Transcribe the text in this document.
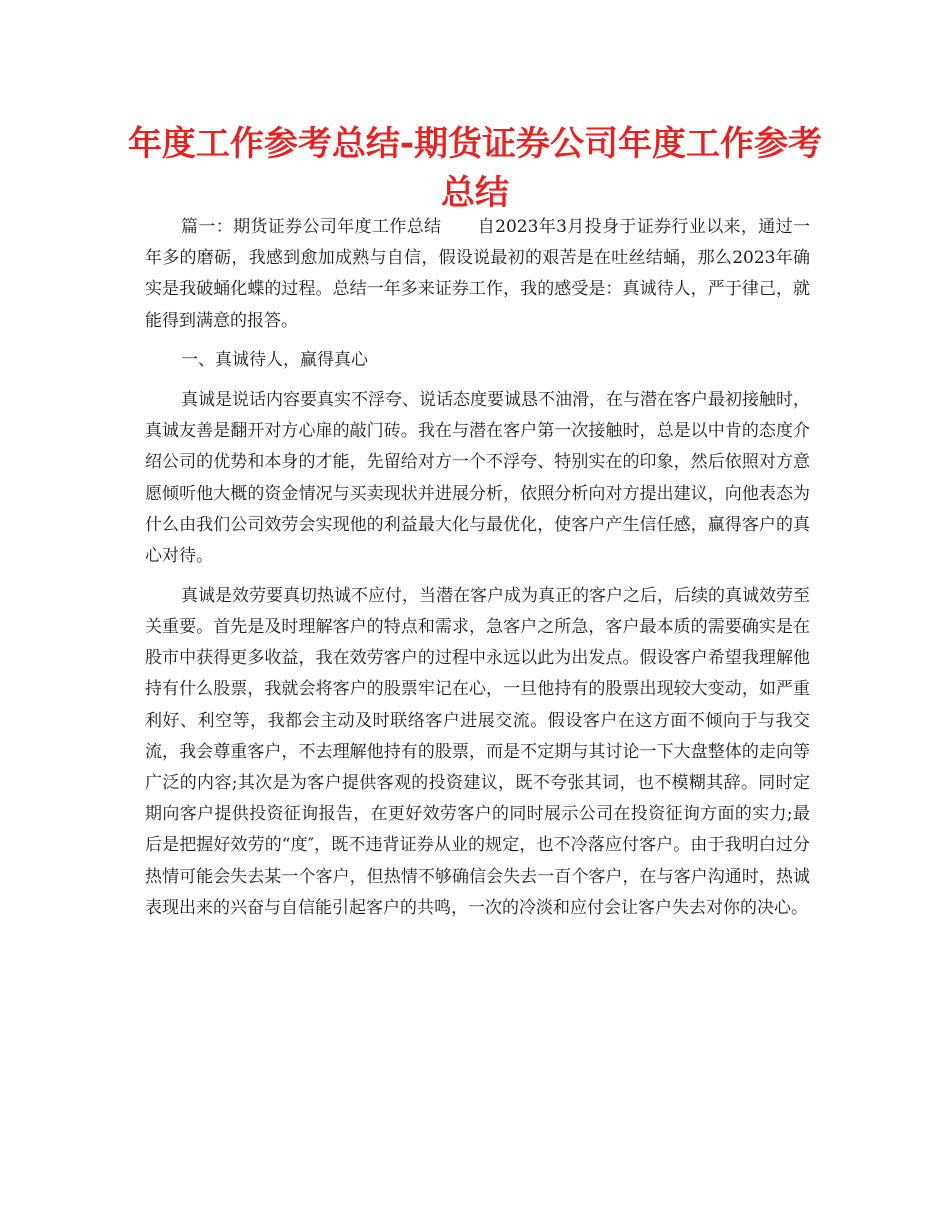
年度工作参考总结-期货证券公司年度工作参考总结

篇一：期货证券公司年度工作总结 自2023年3月投身于证券行业以来，通过一年多的磨砺，我感到愈加成熟与自信，假设说最初的艰苦是在吐丝结蛹，那么2023年确实是我破蛹化蝶的过程。总结一年多来证券工作，我的感受是：真诚待人，严于律己，就能得到满意的报答。

一、真诚待人，赢得真心

真诚是说话内容要真实不浮夸、说话态度要诚恳不油滑，在与潜在客户最初接触时，真诚友善是翻开对方心扉的敲门砖。我在与潜在客户第一次接触时，总是以中肯的态度介绍公司的优势和本身的才能，先留给对方一个不浮夸、特别实在的印象，然后依照对方意愿倾听他大概的资金情况与买卖现状并进展分析，依照分析向对方提出建议，向他表态为什么由我们公司效劳会实现他的利益最大化与最优化，使客户产生信任感，赢得客户的真心对待。

真诚是效劳要真切热诚不应付，当潜在客户成为真正的客户之后，后续的真诚效劳至关重要。首先是及时理解客户的特点和需求，急客户之所急，客户最本质的需要确实是在股市中获得更多收益，我在效劳客户的过程中永远以此为出发点。假设客户希望我理解他持有什么股票，我就会将客户的股票牢记在心，一旦他持有的股票出现较大变动，如严重利好、利空等，我都会主动及时联络客户进展交流。假设客户在这方面不倾向于与我交流，我会尊重客户，不去理解他持有的股票，而是不定期与其讨论一下大盘整体的走向等广泛的内容;其次是为客户提供客观的投资建议，既不夸张其词，也不模糊其辞。同时定期向客户提供投资征询报告，在更好效劳客户的同时展示公司在投资征询方面的实力;最后是把握好效劳的“度″，既不违背证券从业的规定，也不冷落应付客户。由于我明白过分热情可能会失去某一个客户，但热情不够确信会失去一百个客户，在与客户沟通时，热诚表现出来的兴奋与自信能引起客户的共鸣，一次的冷淡和应付会让客户失去对你的决心。
